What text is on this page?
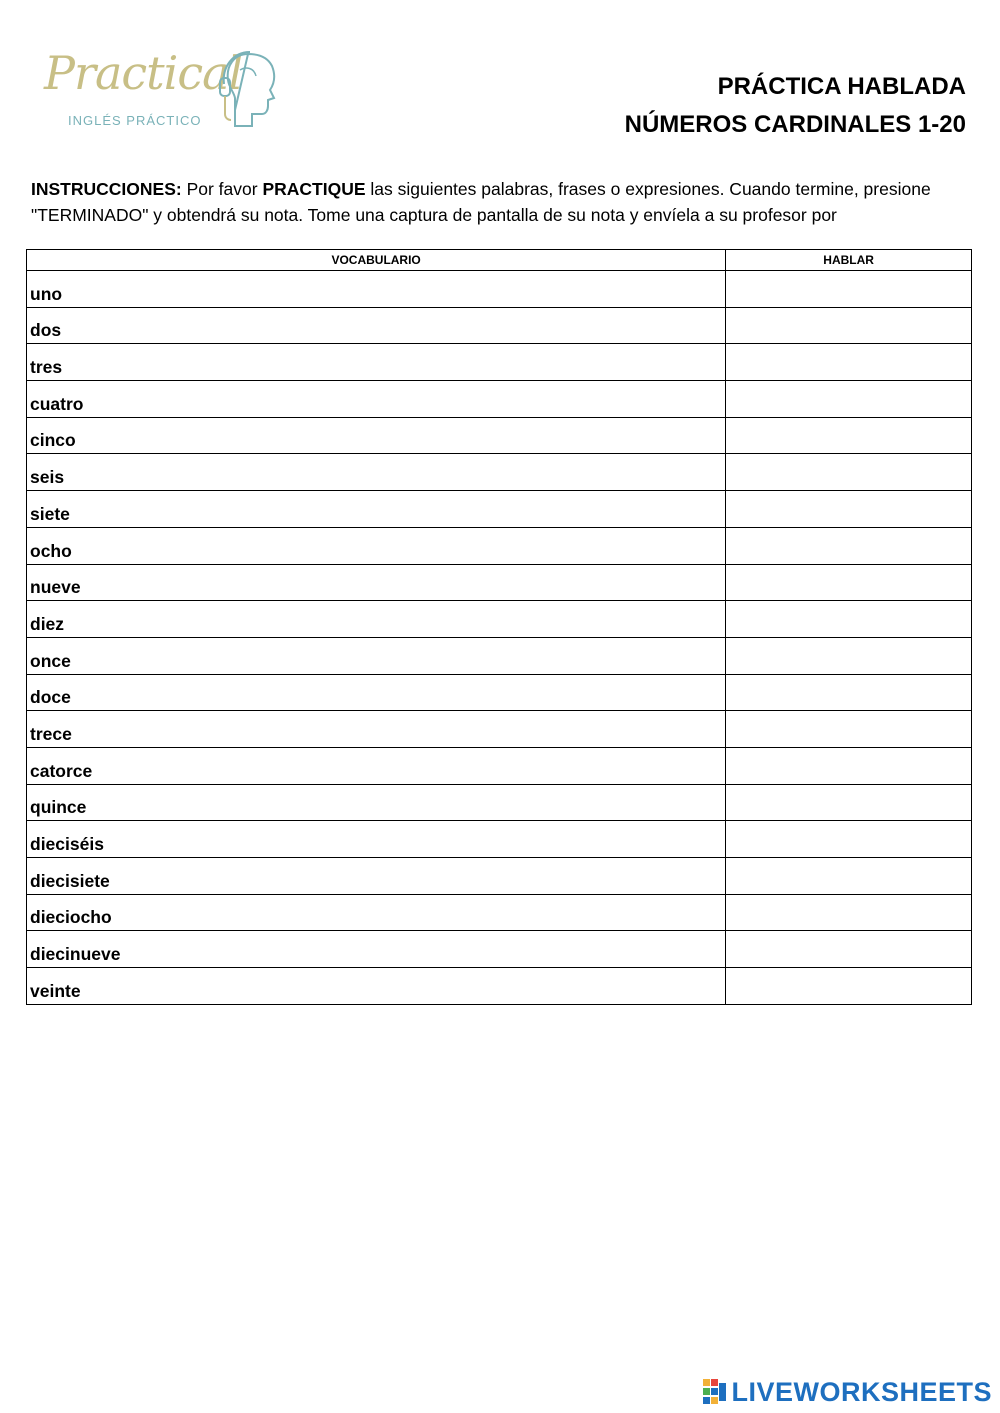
Practical
INGLÉS PRÁCTICO
PRÁCTICA HABLADA
NÚMEROS CARDINALES 1-20
INSTRUCCIONES: Por favor PRACTIQUE las siguientes palabras, frases o expresiones. Cuando termine, presione "TERMINADO" y obtendrá su nota. Tome una captura de pantalla de su nota y envíela a su profesor por
VOCABULARIO	HABLAR
uno	
dos	
tres	
cuatro	
cinco	
seis	
siete	
ocho	
nueve	
diez	
once	
doce	
trece	
catorce	
quince	
dieciséis	
diecisiete	
dieciocho	
diecinueve	
veinte	
LIVEWORKSHEETS
